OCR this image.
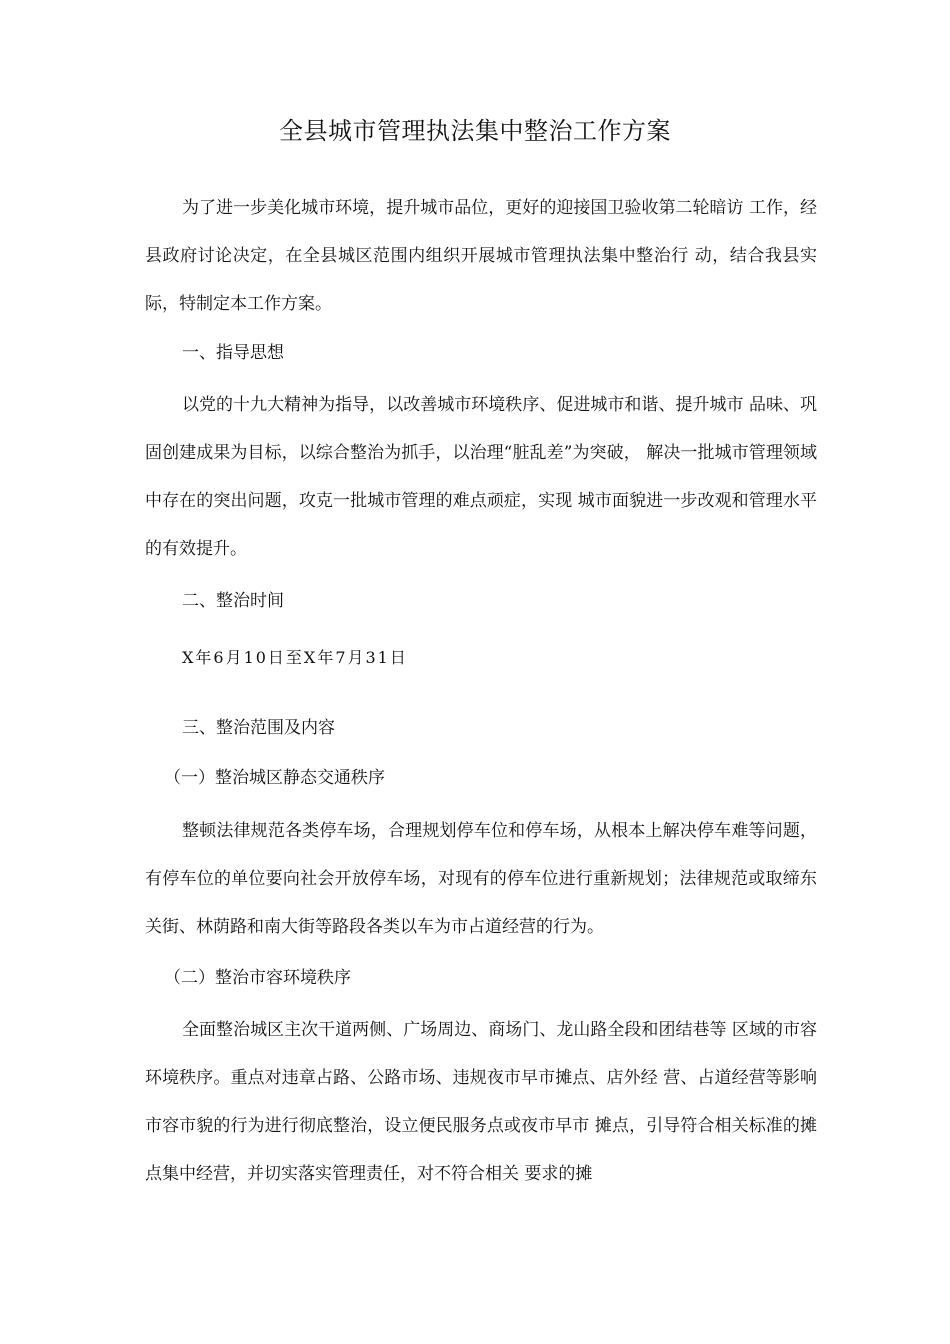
全县城市管理执法集中整治工作方案
为了进一步美化城市环境，提升城市品位，更好的迎接国卫验收第二轮暗访 工作，经县政府讨论决定，在全县城区范围内组织开展城市管理执法集中整治行 动，结合我县实际，特制定本工作方案。
一、指导思想
以党的十九大精神为指导，以改善城市环境秩序、促进城市和谐、提升城市 品味、巩固创建成果为目标，以综合整治为抓手，以治理“脏乱差”为突破， 解决一批城市管理领域中存在的突出问题，攻克一批城市管理的难点顽症，实现 城市面貌进一步改观和管理水平的有效提升。
二、整治时间
X年6月10日至X年7月31日
三、整治范围及内容
（一）整治城区静态交通秩序
整顿法律规范各类停车场，合理规划停车位和停车场，从根本上解决停车难等问题，有停车位的单位要向社会开放停车场，对现有的停车位进行重新规划；法律规范或取缔东关街、林荫路和南大街等路段各类以车为市占道经营的行为。
（二）整治市容环境秩序
全面整治城区主次干道两侧、广场周边、商场门、龙山路全段和团结巷等 区域的市容环境秩序。重点对违章占路、公路市场、违规夜市早市摊点、店外经 营、占道经营等影响市容市貌的行为进行彻底整治，设立便民服务点或夜市早市 摊点，引导符合相关标准的摊点集中经营，并切实落实管理责任，对不符合相关 要求的摊
